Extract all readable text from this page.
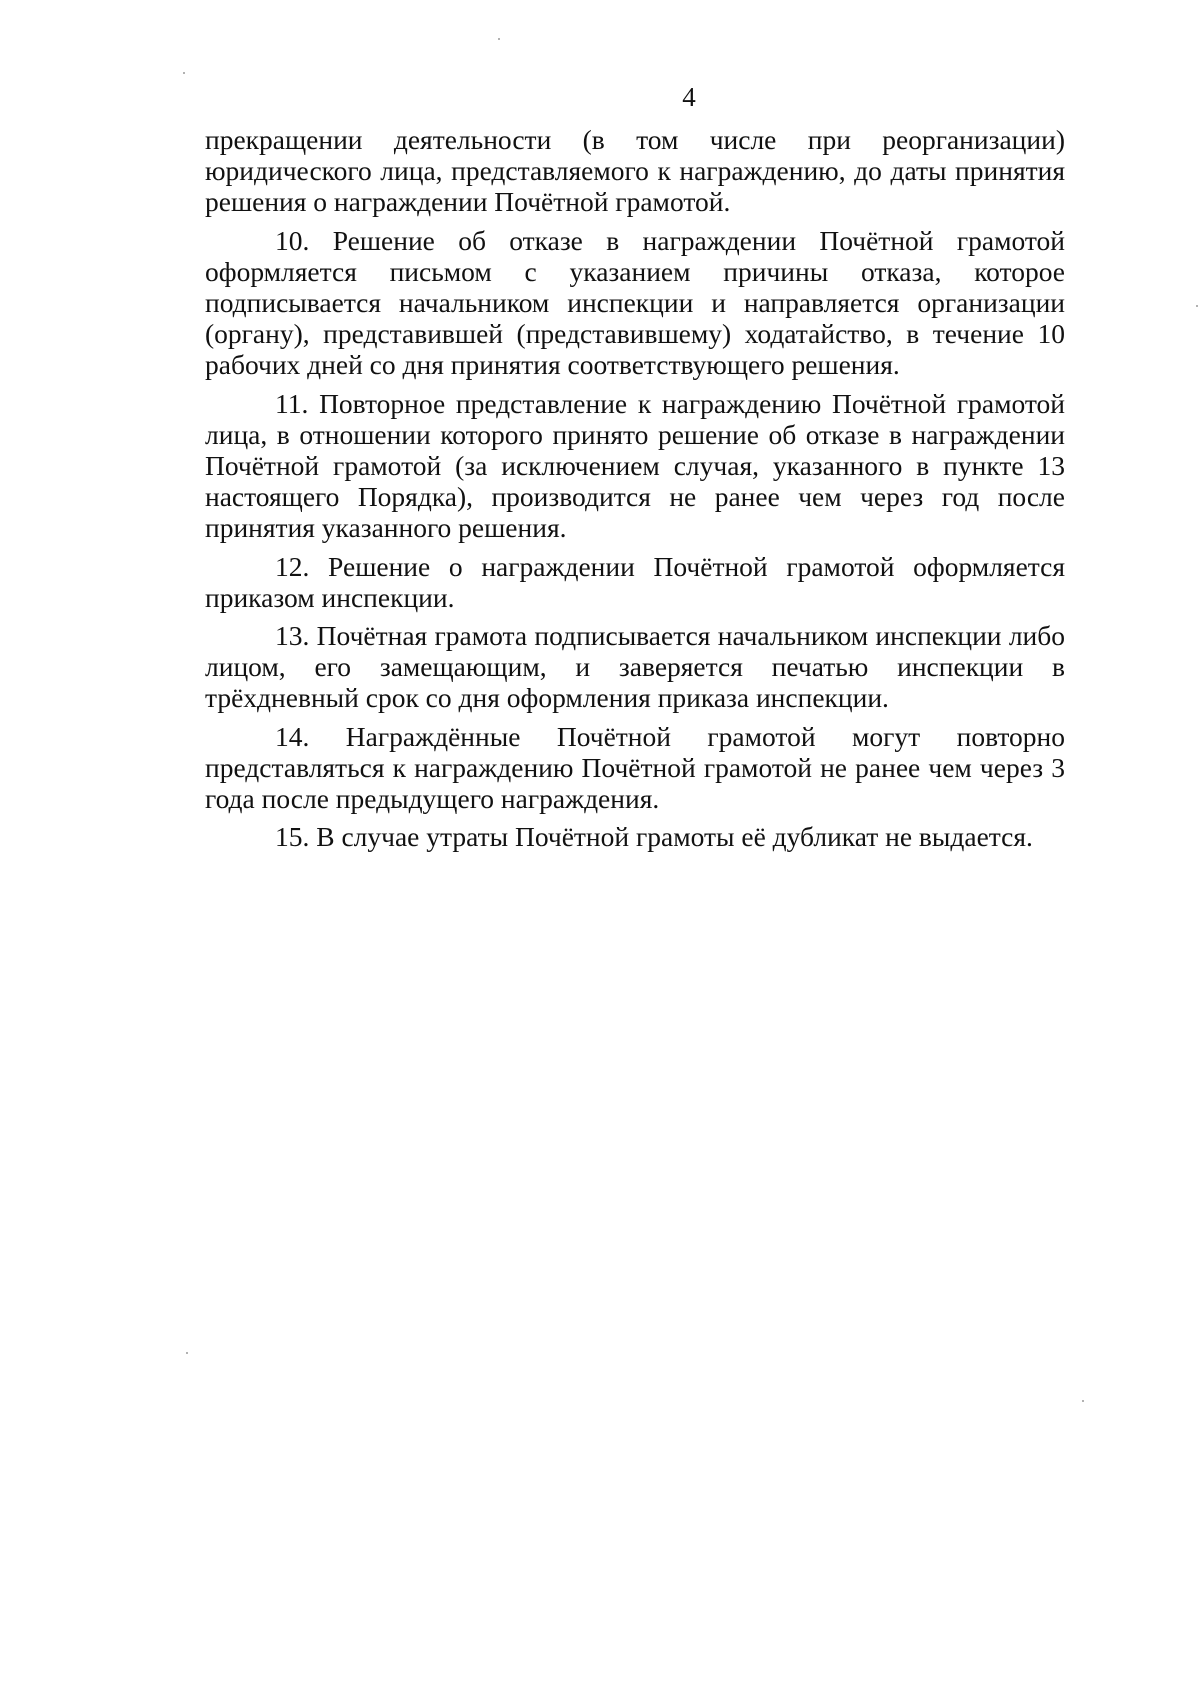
4

прекращении деятельности (в том числе при реорганизации) юридического лица, представляемого к награждению, до даты принятия решения о награждении Почётной грамотой.

10. Решение об отказе в награждении Почётной грамотой оформляется письмом с указанием причины отказа, которое подписывается начальником инспекции и направляется организации (органу), представившей (представившему) ходатайство, в течение 10 рабочих дней со дня принятия соответствующего решения.

11. Повторное представление к награждению Почётной грамотой лица, в отношении которого принято решение об отказе в награждении Почётной грамотой (за исключением случая, указанного в пункте 13 настоящего Порядка), производится не ранее чем через год после принятия указанного решения.

12. Решение о награждении Почётной грамотой оформляется приказом инспекции.

13. Почётная грамота подписывается начальником инспекции либо лицом, его замещающим, и заверяется печатью инспекции в трёхдневный срок со дня оформления приказа инспекции.

14. Награждённые Почётной грамотой могут повторно представляться к награждению Почётной грамотой не ранее чем через 3 года после предыдущего награждения.

15. В случае утраты Почётной грамоты её дубликат не выдается.
